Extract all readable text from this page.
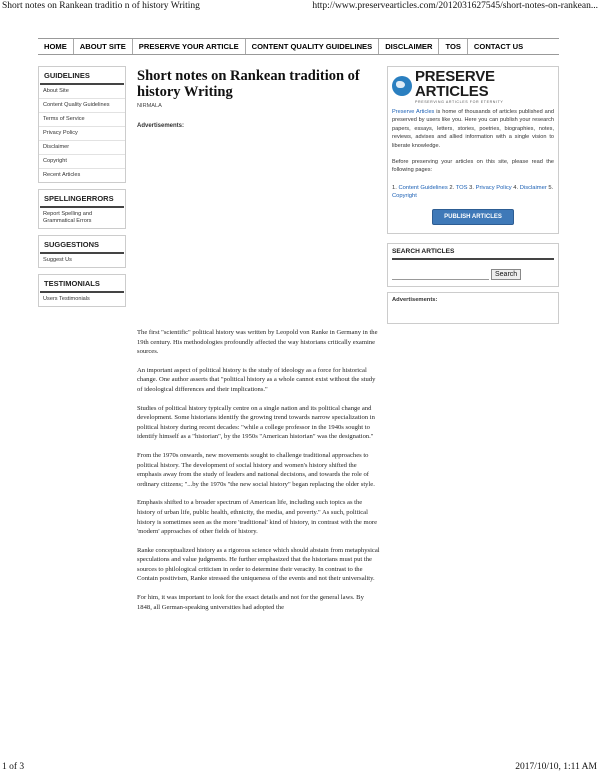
Short notes on Rankean traditio n of history Writing	http://www.preservearticles.com/2012031627545/short-notes-on-rankean...
HOME	ABOUT SITE	PRESERVE YOUR ARTICLE	CONTENT QUALITY GUIDELINES	DISCLAIMER	TOS	CONTACT US
GUIDELINES
About Site
Content Quality Guidelines
Terms of Service
Privacy Policy
Disclaimer
Copyright
Recent Articles
SPELLINGERRORS
Report Spelling and Grammatical Errors
SUGGESTIONS
Suggest Us
TESTIMONIALS
Users Testimonials
Short notes on Rankean tradition of history Writing
NIRMALA
Advertisements:

The first "scientific" political history was written by Leopold von Ranke in Germany in the 19th century. His methodologies profoundly affected the way historians critically examine sources.

An important aspect of political history is the study of ideology as a force for historical change. One author asserts that "political history as a whole cannot exist without the study of ideological differences and their implications."

Studies of political history typically centre on a single nation and its political change and development. Some historians identify the growing trend towards narrow specialization in political history during recent decades: "while a college professor in the 1940s sought to identify himself as a "historian", by the 1950s "American historian" was the designation."

From the 1970s onwards, new movements sought to challenge traditional approaches to political history. The development of social history and women's history shifted the emphasis away from the study of leaders and national decisions, and towards the role of ordinary citizens; "...by the 1970s "the new social history" began replacing the older style.

Emphasis shifted to a broader spectrum of American life, including such topics as the history of urban life, public health, ethnicity, the media, and poverty." As such, political history is sometimes seen as the more 'traditional' kind of history, in contrast with the more 'modern' approaches of other fields of history.

Ranke conceptualized history as a rigorous science which should abstain from metaphysical speculations and value judgments. He further emphasized that the historians must put the sources to philological criticism in order to determine their veracity. In contrast to the Contain positivism, Ranke stressed the uniqueness of the events and not their universality.

For him, it was important to look for the exact details and not for the general laws. By 1848, all German-speaking universities had adopted the

PRESERVE ARTICLES
PRESERVING ARTICLES FOR ETERNITY
Preserve Articles is home of thousands of articles published and preserved by users like you. Here you can publish your research papers, essays, letters, stories, poetries, biographies, notes, reviews, advises and allied information with a single vision to liberate knowledge.
Before preserving your articles on this site, please read the following pages:
1. Content Guidelines 2. TOS 3. Privacy Policy 4. Disclaimer 5. Copyright
PUBLISH ARTICLES
SEARCH ARTICLES
Search
Advertisements:
1 of 3	2017/10/10, 1:11 AM
